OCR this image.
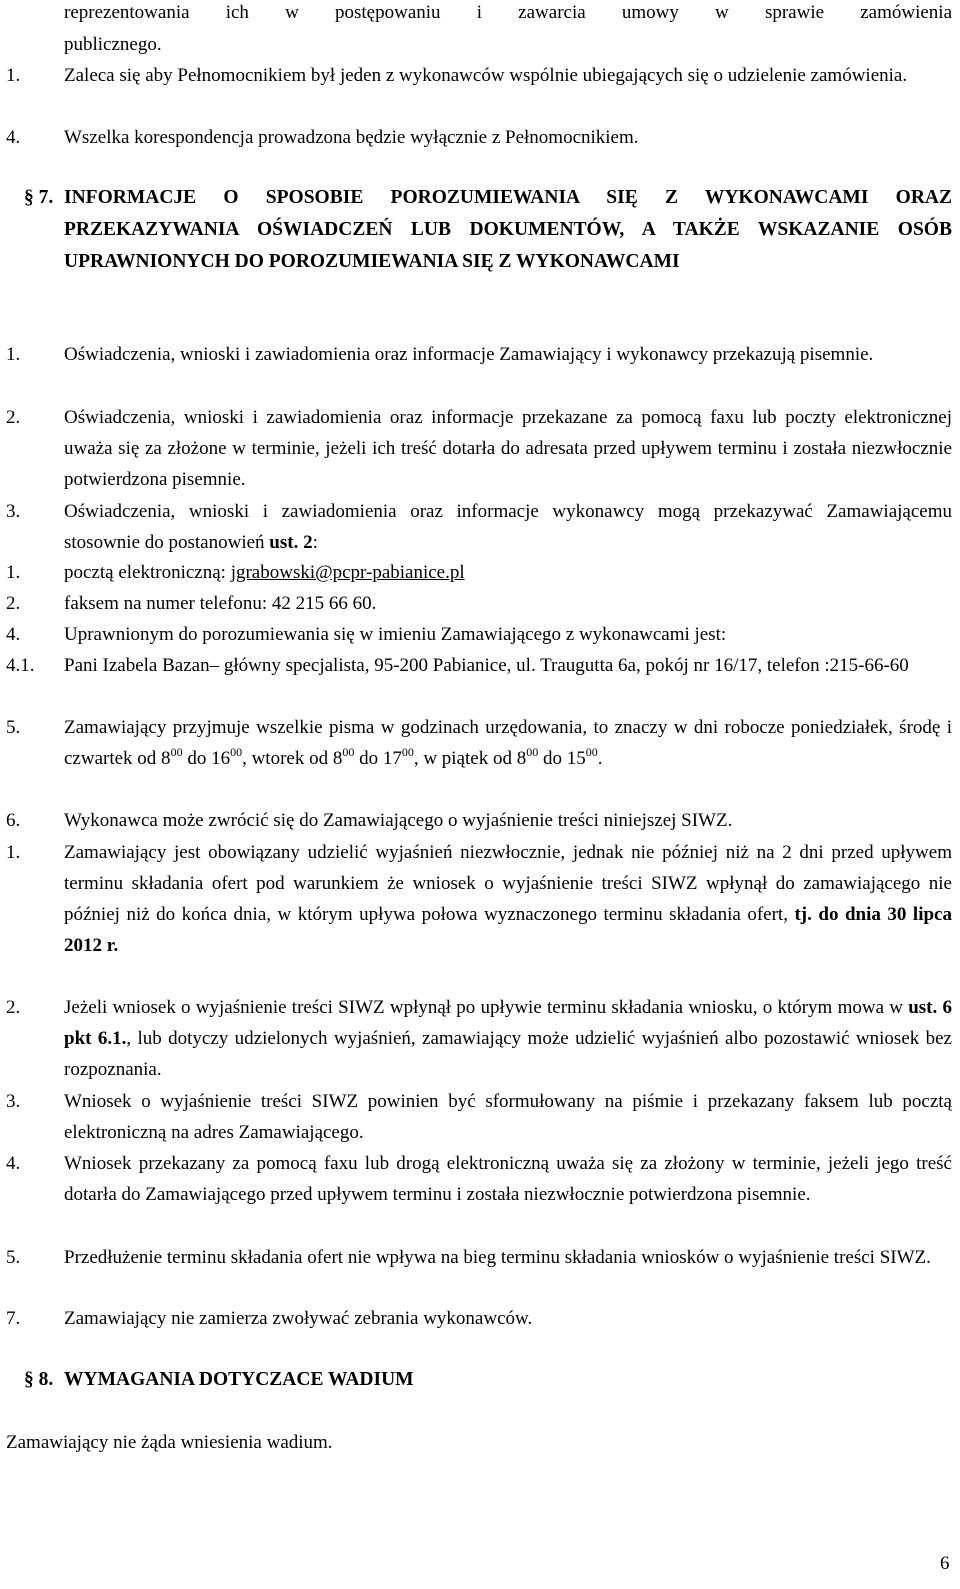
reprezentowania ich w postępowaniu i zawarcia umowy w sprawie zamówienia
publicznego.
1. Zaleca się aby Pełnomocnikiem był jeden z wykonawców wspólnie ubiegających się o udzielenie zamówienia.
4. Wszelka korespondencja prowadzona będzie wyłącznie z Pełnomocnikiem.
§ 7. INFORMACJE O SPOSOBIE POROZUMIEWANIA SIĘ Z WYKONAWCAMI ORAZ PRZEKAZYWANIA OŚWIADCZEŃ LUB DOKUMENTÓW, A TAKŻE WSKAZANIE OSÓB UPRAWNIONYCH DO POROZUMIEWANIA SIĘ Z WYKONAWCAMI
1. Oświadczenia, wnioski i zawiadomienia oraz informacje Zamawiający i wykonawcy przekazują pisemnie.
2. Oświadczenia, wnioski i zawiadomienia oraz informacje przekazane za pomocą faxu lub poczty elektronicznej uważa się za złożone w terminie, jeżeli ich treść dotarła do adresata przed upływem terminu i została niezwłocznie potwierdzona pisemnie.
3. Oświadczenia, wnioski i zawiadomienia oraz informacje wykonawcy mogą przekazywać Zamawiającemu stosownie do postanowień ust. 2:
1. pocztą elektroniczną: jgrabowski@pcpr-pabianice.pl
2. faksem na numer telefonu: 42 215 66 60.
4. Uprawnionym do porozumiewania się w imieniu Zamawiającego z wykonawcami jest:
4.1. Pani Izabela Bazan– główny specjalista, 95-200 Pabianice, ul. Traugutta 6a, pokój nr 16/17, telefon :215-66-60
5. Zamawiający przyjmuje wszelkie pisma w godzinach urzędowania, to znaczy w dni robocze poniedziałek, środę i czwartek od $8^{00}$ do $16^{00}$, wtorek od $8^{00}$ do $17^{00}$, w piątek od $8^{00}$ do $15^{00}$.
6. Wykonawca może zwrócić się do Zamawiającego o wyjaśnienie treści niniejszej SIWZ.
1. Zamawiający jest obowiązany udzielić wyjaśnień niezwłocznie, jednak nie później niż na 2 dni przed upływem terminu składania ofert pod warunkiem że wniosek o wyjaśnienie treści SIWZ wpłynął do zamawiającego nie później niż do końca dnia, w którym upływa połowa wyznaczonego terminu składania ofert, tj. do dnia 30 lipca 2012 r.
2. Jeżeli wniosek o wyjaśnienie treści SIWZ wpłynął po upływie terminu składania wniosku, o którym mowa w ust. 6 pkt 6.1., lub dotyczy udzielonych wyjaśnień, zamawiający może udzielić wyjaśnień albo pozostawić wniosek bez rozpoznania.
3. Wniosek o wyjaśnienie treści SIWZ powinien być sformułowany na piśmie i przekazany faksem lub pocztą elektroniczną na adres Zamawiającego.
4. Wniosek przekazany za pomocą faxu lub drogą elektroniczną uważa się za złożony w terminie, jeżeli jego treść dotarła do Zamawiającego przed upływem terminu i została niezwłocznie potwierdzona pisemnie.
5. Przedłużenie terminu składania ofert nie wpływa na bieg terminu składania wniosków o wyjaśnienie treści SIWZ.
7. Zamawiający nie zamierza zwoływać zebrania wykonawców.
§ 8. WYMAGANIA DOTYCZACE WADIUM
Zamawiający nie żąda wniesienia wadium.
6
